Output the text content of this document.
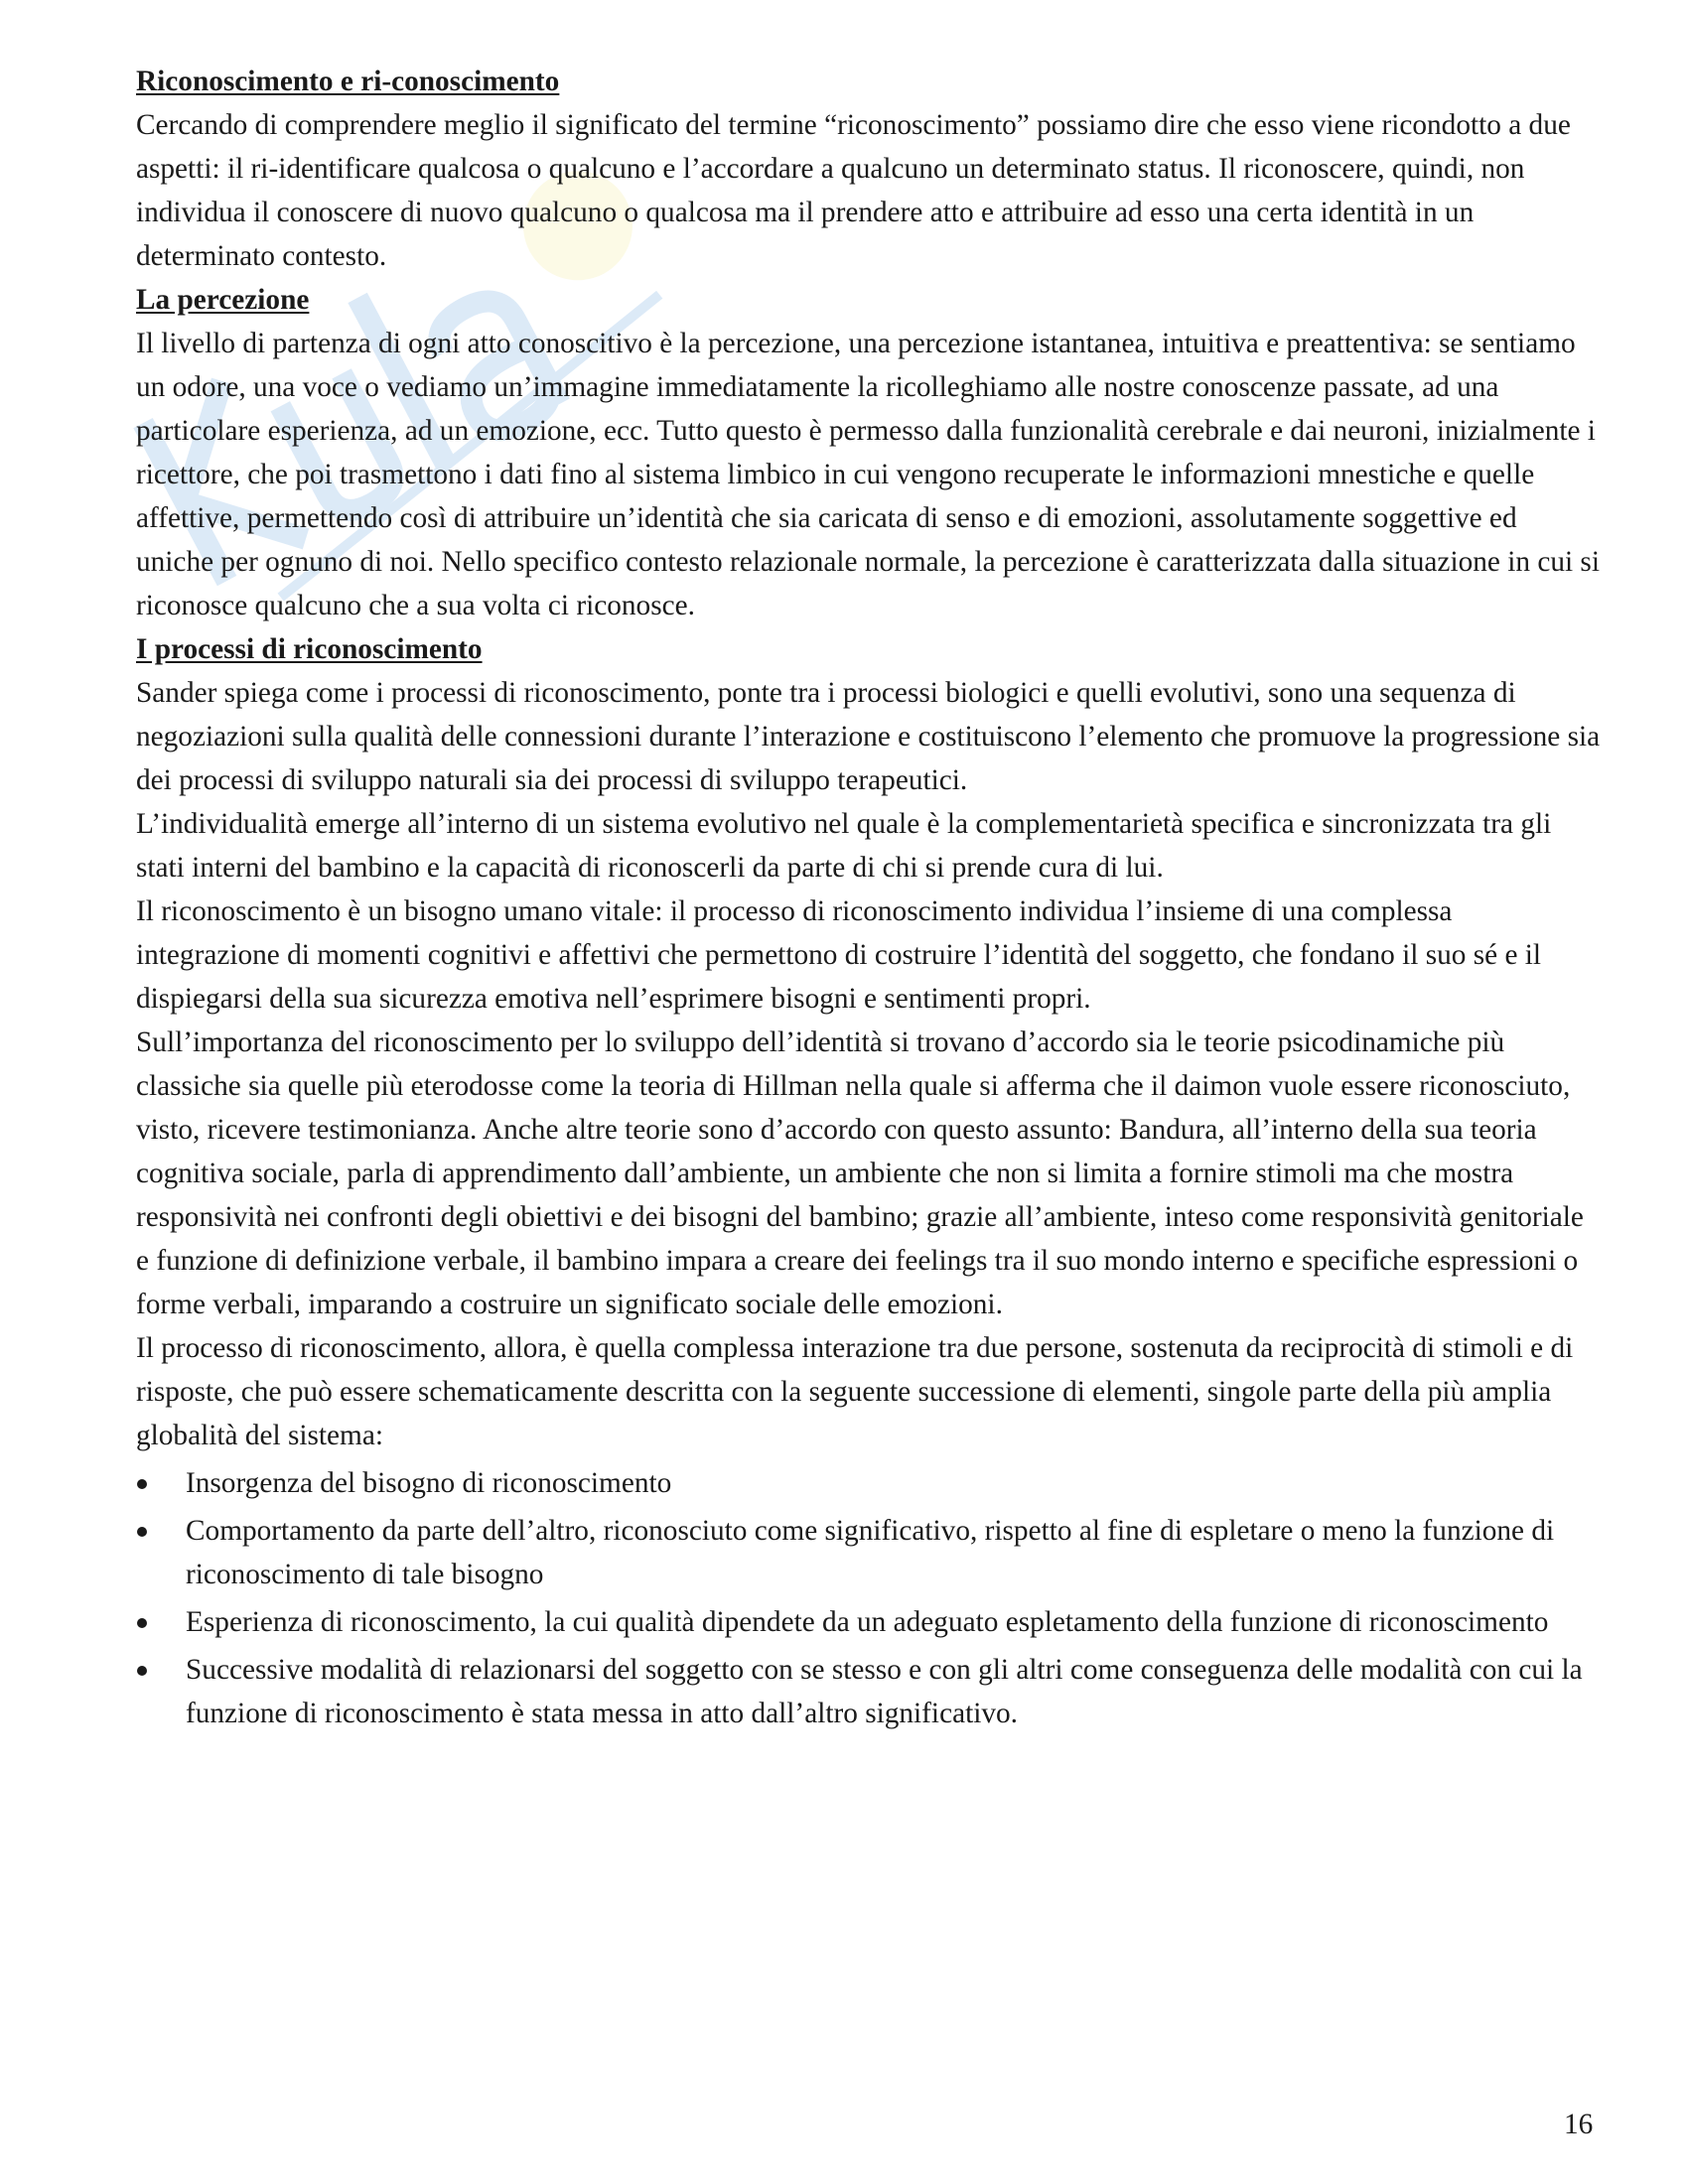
Riconoscimento e ri-conoscimento

Cercando di comprendere meglio il significato del termine “riconoscimento” possiamo dire che esso viene ricondotto a due aspetti: il ri-identificare qualcosa o qualcuno e l’accordare a qualcuno un determinato status. Il riconoscere, quindi, non individua il conoscere di nuovo qualcuno o qualcosa ma il prendere atto e attribuire ad esso una certa identità in un determinato contesto.

La percezione

Il livello di partenza di ogni atto conoscitivo è la percezione, una percezione istantanea, intuitiva e preattentiva: se sentiamo un odore, una voce o vediamo un’immagine immediatamente la ricolleghiamo alle nostre conoscenze passate, ad una particolare esperienza, ad un emozione, ecc. Tutto questo è permesso dalla funzionalità cerebrale e dai neuroni, inizialmente i ricettore, che poi trasmettono i dati fino al sistema limbico in cui vengono recuperate le informazioni mnestiche e quelle affettive, permettendo così di attribuire un’identità che sia caricata di senso e di emozioni, assolutamente soggettive ed uniche per ognuno di noi. Nello specifico contesto relazionale normale, la percezione è caratterizzata dalla situazione in cui si riconosce qualcuno che a sua volta ci riconosce.

I processi di riconoscimento

Sander spiega come i processi di riconoscimento, ponte tra i processi biologici e quelli evolutivi, sono una sequenza di negoziazioni sulla qualità delle connessioni durante l’interazione e costituiscono l’elemento che promuove la progressione sia dei processi di sviluppo naturali sia dei processi di sviluppo terapeutici.

L’individualità emerge all’interno di un sistema evolutivo nel quale è la complementarietà specifica e sincronizzata tra gli stati interni del bambino e la capacità di riconoscerli da parte di chi si prende cura di lui.

Il riconoscimento è un bisogno umano vitale: il processo di riconoscimento individua l’insieme di una complessa integrazione di momenti cognitivi e affettivi che permettono di costruire l’identità del soggetto, che fondano il suo sé e il dispiegarsi della sua sicurezza emotiva nell’esprimere bisogni e sentimenti propri.

Sull’importanza del riconoscimento per lo sviluppo dell’identità si trovano d’accordo sia le teorie psicodinamiche più classiche sia quelle più eterodosse come la teoria di Hillman nella quale si afferma che il daimon vuole essere riconosciuto, visto, ricevere testimonianza. Anche altre teorie sono d’accordo con questo assunto: Bandura, all’interno della sua teoria cognitiva sociale, parla di apprendimento dall’ambiente, un ambiente che non si limita a fornire stimoli ma che mostra responsività nei confronti degli obiettivi e dei bisogni del bambino; grazie all’ambiente, inteso come responsività genitoriale e funzione di definizione verbale, il bambino impara a creare dei feelings tra il suo mondo interno e specifiche espressioni o forme verbali, imparando a costruire un significato sociale delle emozioni.

Il processo di riconoscimento, allora, è quella complessa interazione tra due persone, sostenuta da reciprocità di stimoli e di risposte, che può essere schematicamente descritta con la seguente successione di elementi, singole parte della più amplia globalità del sistema:

Insorgenza del bisogno di riconoscimento
Comportamento da parte dell’altro, riconosciuto come significativo, rispetto al fine di espletare o meno la funzione di riconoscimento di tale bisogno
Esperienza di riconoscimento, la cui qualità dipendete da un adeguato espletamento della funzione di riconoscimento
Successive modalità di relazionarsi del soggetto con se stesso e con gli altri come conseguenza delle modalità con cui la funzione di riconoscimento è stata messa in atto dall’altro significativo.
16
